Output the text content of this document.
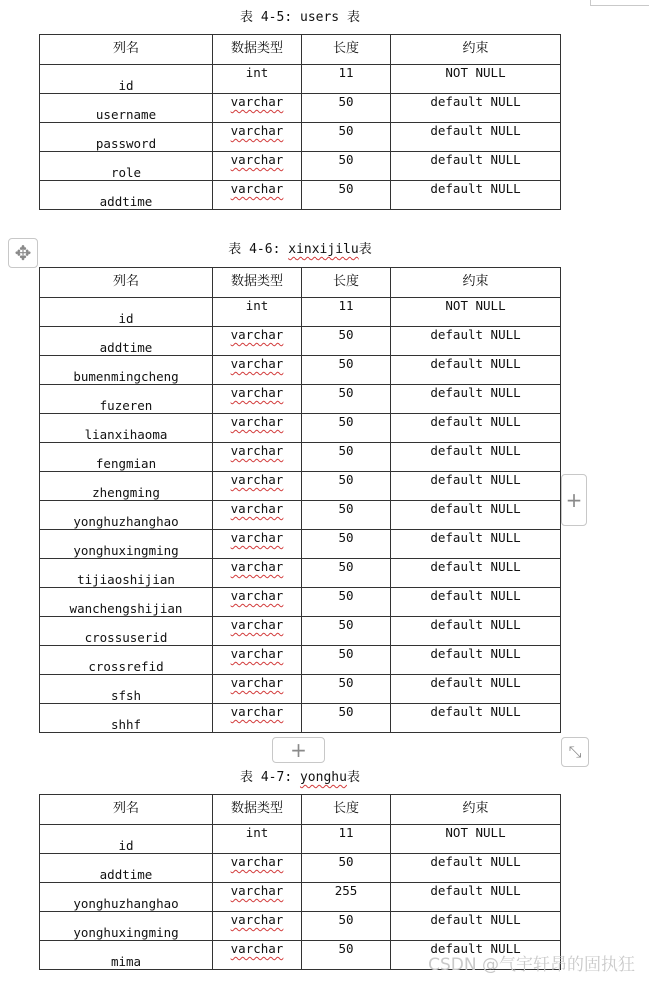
表 4-5: users 表
列名	数据类型	长度	约束
id	int	11	NOT NULL
username	varchar	50	default NULL
password	varchar	50	default NULL
role	varchar	50	default NULL
addtime	varchar	50	default NULL
✥	表 4-6: xinxijilu表
列名	数据类型	长度	约束
id	int	11	NOT NULL
addtime	varchar	50	default NULL
bumenmingcheng	varchar	50	default NULL
fuzeren	varchar	50	default NULL
lianxihaoma	varchar	50	default NULL
fengmian	varchar	50	default NULL
zhengming	varchar	50	default NULL
yonghuzhanghao	varchar	50	default NULL
yonghuxingming	varchar	50	default NULL
tijiaoshijian	varchar	50	default NULL
wanchengshijian	varchar	50	default NULL
crossuserid	varchar	50	default NULL
crossrefid	varchar	50	default NULL
sfsh	varchar	50	default NULL
shhf	varchar	50	default NULL
+
+	⤡
表 4-7: yonghu表
列名	数据类型	长度	约束
id	int	11	NOT NULL
addtime	varchar	50	default NULL
yonghuzhanghao	varchar	255	default NULL
yonghuxingming	varchar	50	default NULL
mima	varchar	50	default NULL
CSDN @气宇轩昂的固执狂
